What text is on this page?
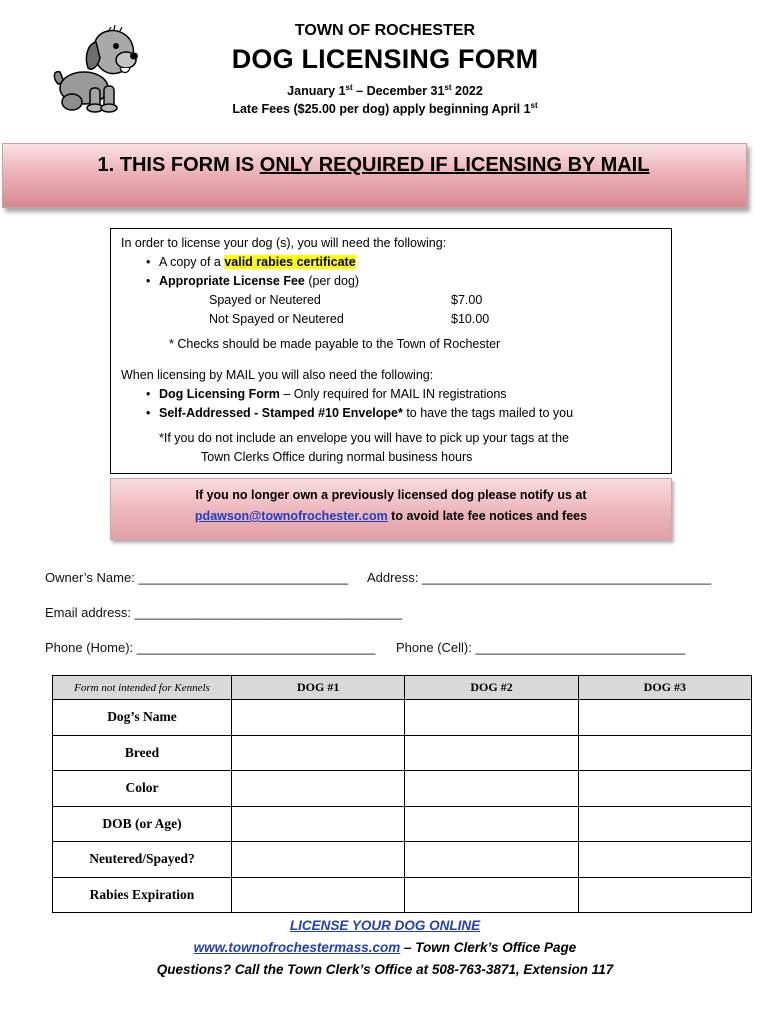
TOWN OF ROCHESTER
DOG LICENSING FORM
January 1st – December 31st 2022
Late Fees ($25.00 per dog) apply beginning April 1st
1. THIS FORM IS ONLY REQUIRED IF LICENSING BY MAIL
In order to license your dog (s), you will need the following:
• A copy of a valid rabies certificate
• Appropriate License Fee (per dog)
Spayed or Neutered	$7.00
Not Spayed or Neutered	$10.00
* Checks should be made payable to the Town of Rochester
When licensing by MAIL you will also need the following:
• Dog Licensing Form – Only required for MAIL IN registrations
• Self-Addressed - Stamped #10 Envelope* to have the tags mailed to you
*If you do not include an envelope you will have to pick up your tags at the
Town Clerks Office during normal business hours
If you no longer own a previously licensed dog please notify us at
pdawson@townofrochester.com to avoid late fee notices and fees
Owner’s Name: _____________________________ Address: ________________________________________
Email address: _____________________________________
Phone (Home): _________________________________ Phone (Cell): _____________________________
Form not intended for Kennels	DOG #1	DOG #2	DOG #3
Dog’s Name			
Breed			
Color			
DOB (or Age)			
Neutered/Spayed?			
Rabies Expiration			
LICENSE YOUR DOG ONLINE
www.townofrochestermass.com – Town Clerk’s Office Page
Questions? Call the Town Clerk’s Office at 508-763-3871, Extension 117
